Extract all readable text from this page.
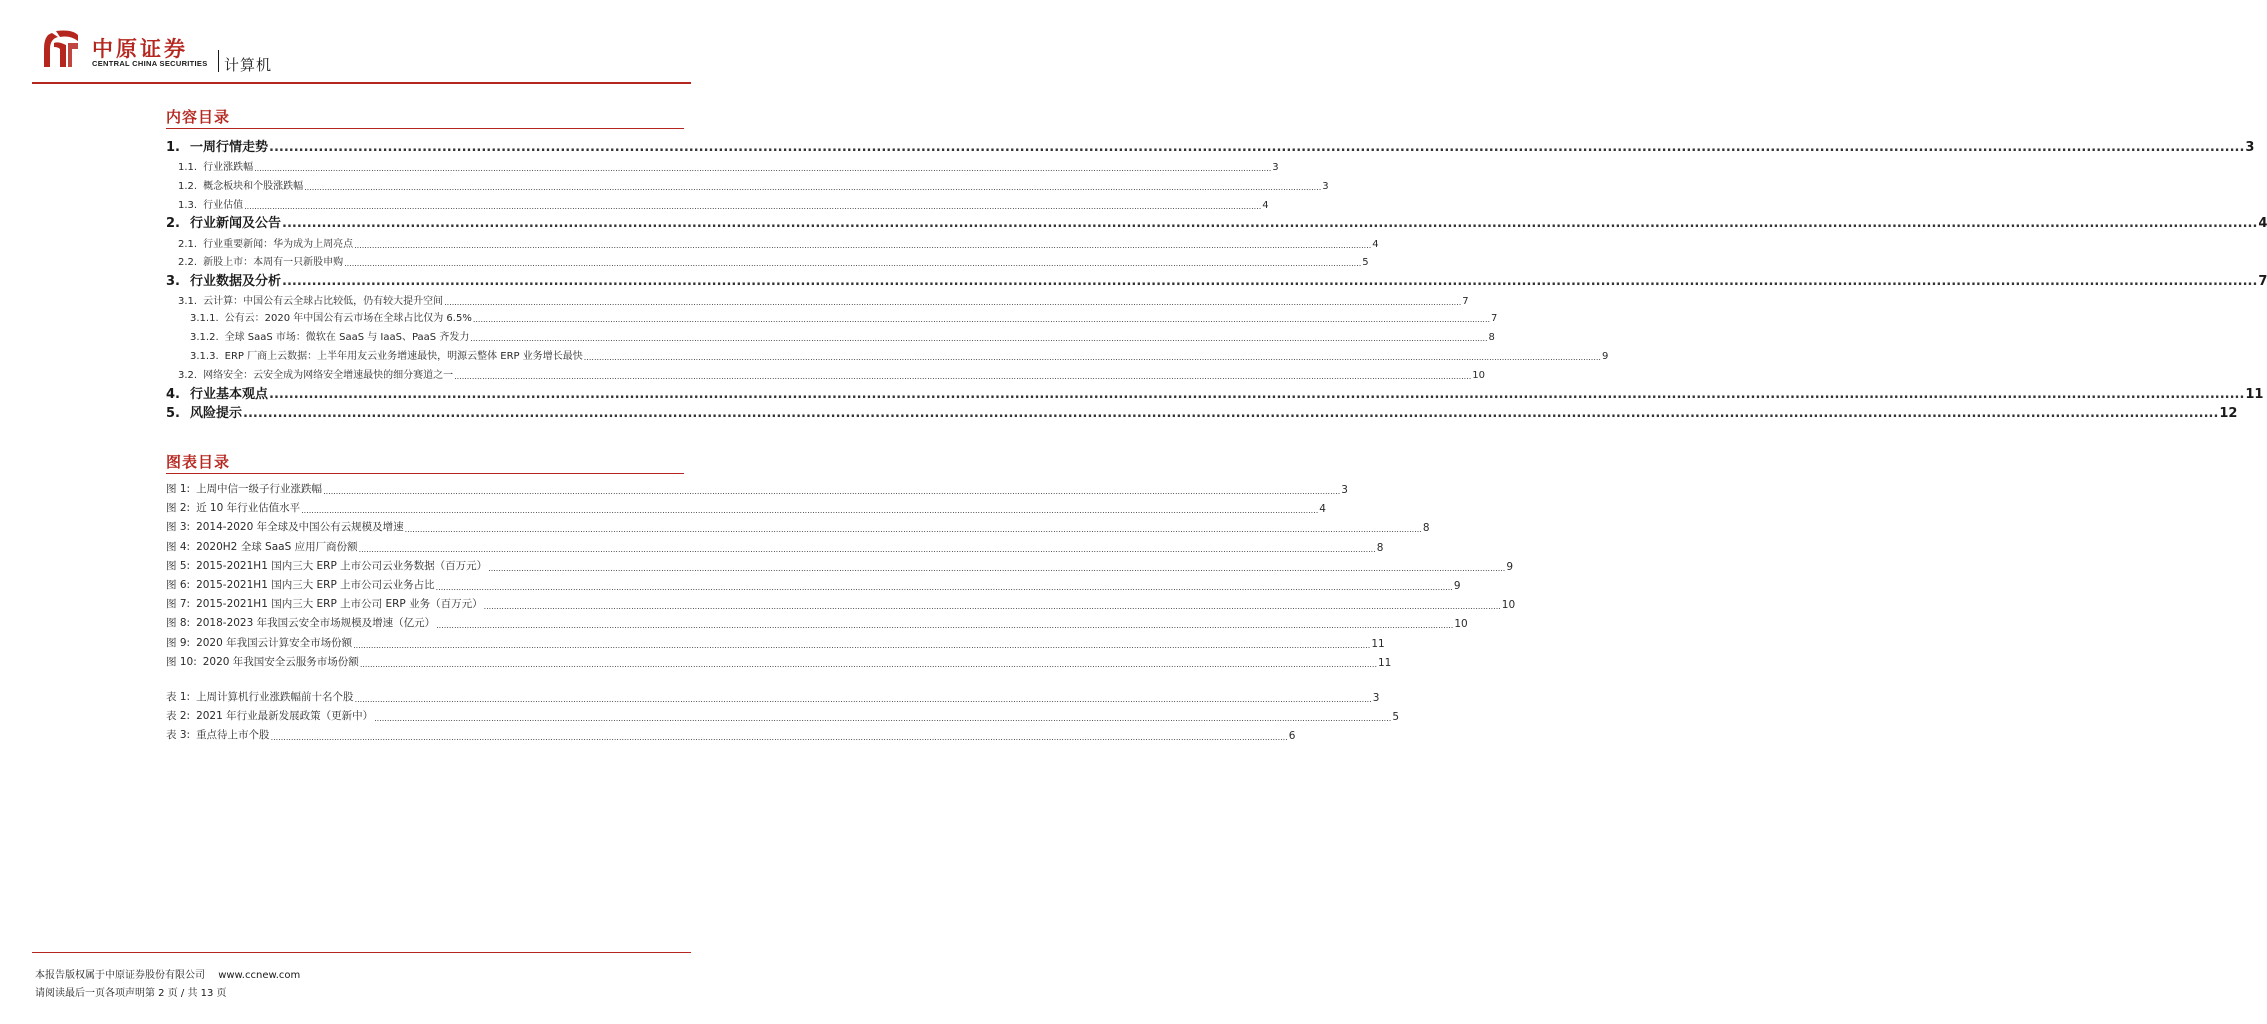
中原证券
CENTRAL CHINA SECURITIES 计算机
内容目录
1. 一周行情走势 ................................................................................................................................................................................................................................................................................................................................................................................................................ 3
1.1. 行业涨跌幅 ................................................................................................................................................................................................................................................................................................................................................................................................................ 3
1.2. 概念板块和个股涨跌幅 ................................................................................................................................................................................................................................................................................................................................................................................................................ 3
1.3. 行业估值 ................................................................................................................................................................................................................................................................................................................................................................................................................ 4
2. 行业新闻及公告 ................................................................................................................................................................................................................................................................................................................................................................................................................ 4
2.1. 行业重要新闻：华为成为上周亮点 ................................................................................................................................................................................................................................................................................................................................................................................................................ 4
2.2. 新股上市：本周有一只新股申购 ................................................................................................................................................................................................................................................................................................................................................................................................................ 5
3. 行业数据及分析 ................................................................................................................................................................................................................................................................................................................................................................................................................ 7
3.1. 云计算：中国公有云全球占比较低，仍有较大提升空间 ................................................................................................................................................................................................................................................................................................................................................................................................................ 7
3.1.1. 公有云：2020 年中国公有云市场在全球占比仅为 6.5% ................................................................................................................................................................................................................................................................................................................................................................................................................ 7
3.1.2. 全球 SaaS 市场：微软在 SaaS 与 IaaS、PaaS 齐发力 ................................................................................................................................................................................................................................................................................................................................................................................................................ 8
3.1.3. ERP 厂商上云数据：上半年用友云业务增速最快，明源云整体 ERP 业务增长最快 ................................................................................................................................................................................................................................................................................................................................................................................................................ 9
3.2. 网络安全：云安全成为网络安全增速最快的细分赛道之一 ................................................................................................................................................................................................................................................................................................................................................................................................................ 10
4. 行业基本观点 ................................................................................................................................................................................................................................................................................................................................................................................................................ 11
5. 风险提示 ................................................................................................................................................................................................................................................................................................................................................................................................................ 12
图表目录
图 1: 上周中信一级子行业涨跌幅 ................................................................................................................................................................................................................................................................................................................................................................................................................ 3
图 2: 近 10 年行业估值水平 ................................................................................................................................................................................................................................................................................................................................................................................................................ 4
图 3: 2014-2020 年全球及中国公有云规模及增速 ................................................................................................................................................................................................................................................................................................................................................................................................................ 8
图 4: 2020H2 全球 SaaS 应用厂商份额 ................................................................................................................................................................................................................................................................................................................................................................................................................ 8
图 5: 2015-2021H1 国内三大 ERP 上市公司云业务数据（百万元） ................................................................................................................................................................................................................................................................................................................................................................................................................ 9
图 6: 2015-2021H1 国内三大 ERP 上市公司云业务占比 ................................................................................................................................................................................................................................................................................................................................................................................................................ 9
图 7: 2015-2021H1 国内三大 ERP 上市公司 ERP 业务（百万元） ................................................................................................................................................................................................................................................................................................................................................................................................................ 10
图 8: 2018-2023 年我国云安全市场规模及增速（亿元） ................................................................................................................................................................................................................................................................................................................................................................................................................ 10
图 9: 2020 年我国云计算安全市场份额 ................................................................................................................................................................................................................................................................................................................................................................................................................ 11
图 10: 2020 年我国安全云服务市场份额 ................................................................................................................................................................................................................................................................................................................................................................................................................ 11
表 1: 上周计算机行业涨跌幅前十名个股 ................................................................................................................................................................................................................................................................................................................................................................................................................ 3
表 2: 2021 年行业最新发展政策（更新中） ................................................................................................................................................................................................................................................................................................................................................................................................................ 5
表 3: 重点待上市个股 ................................................................................................................................................................................................................................................................................................................................................................................................................ 6
本报告版权属于中原证券股份有限公司 www.ccnew.com
请阅读最后一页各项声明第 2 页 / 共 13 页
